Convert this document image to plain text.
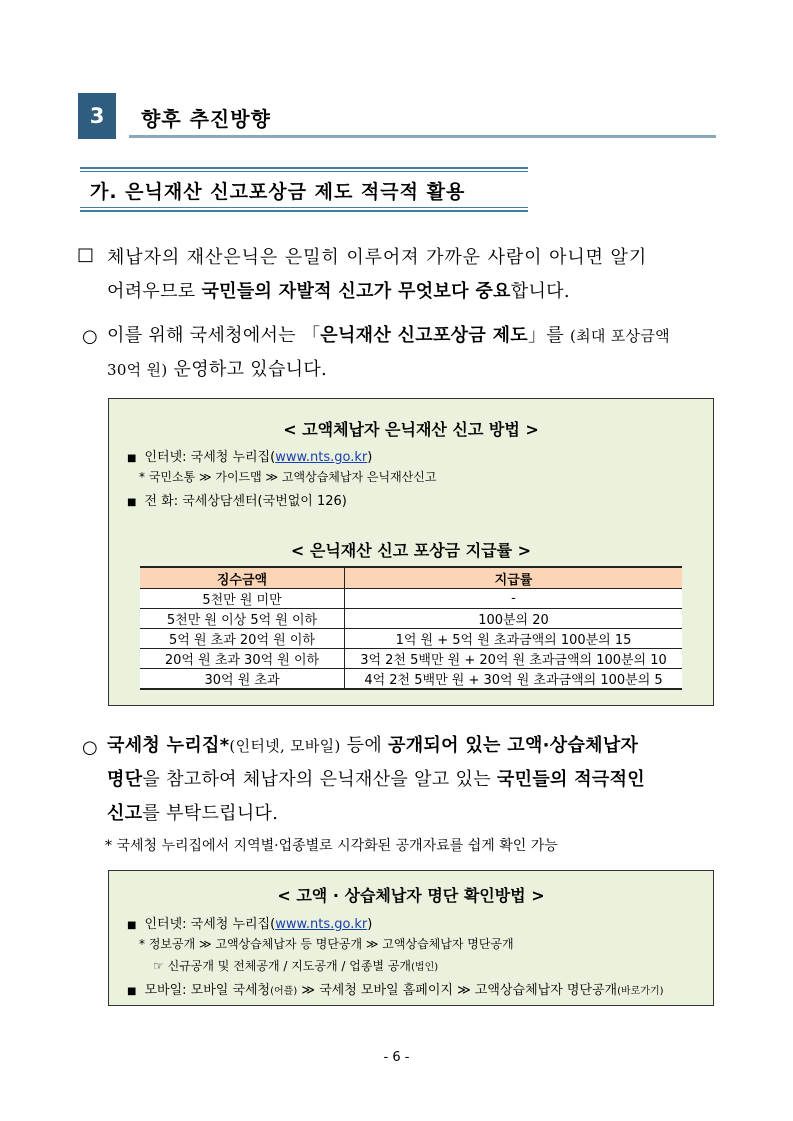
3	향후 추진방향
가. 은닉재산 신고포상금 제도 적극적 활용
□ 체납자의 재산은닉은 은밀히 이루어져 가까운 사람이 아니면 알기
어려우므로 국민들의 자발적 신고가 무엇보다 중요합니다.
○ 이를 위해 국세청에서는 「은닉재산 신고포상금 제도」를 (최대 포상금액
30억 원) 운영하고 있습니다.
< 고액체납자 은닉재산 신고 방법 >
■ 인터넷: 국세청 누리집(www.nts.go.kr)
* 국민소통 ≫ 가이드맵 ≫ 고액상습체납자 은닉재산신고
■ 전 화: 국세상담센터(국번없이 126)
< 은닉재산 신고 포상금 지급률 >
징수금액	지급률
5천만 원 미만	-
5천만 원 이상 5억 원 이하	100분의 20
5억 원 초과 20억 원 이하	1억 원 + 5억 원 초과금액의 100분의 15
20억 원 초과 30억 원 이하	3억 2천 5백만 원 + 20억 원 초과금액의 100분의 10
30억 원 초과	4억 2천 5백만 원 + 30억 원 초과금액의 100분의 5
○ 국세청 누리집*(인터넷, 모바일) 등에 공개되어 있는 고액·상습체납자
명단을 참고하여 체납자의 은닉재산을 알고 있는 국민들의 적극적인
신고를 부탁드립니다.
* 국세청 누리집에서 지역별·업종별로 시각화된 공개자료를 쉽게 확인 가능
< 고액 · 상습체납자 명단 확인방법 >
■ 인터넷: 국세청 누리집(www.nts.go.kr)
* 정보공개 ≫ 고액상습체납자 등 명단공개 ≫ 고액상습체납자 명단공개
☞ 신규공개 및 전체공개 / 지도공개 / 업종별 공개(법인)
■ 모바일: 모바일 국세청(어플) ≫ 국세청 모바일 홈페이지 ≫ 고액상습체납자 명단공개(바로가기)
- 6 -
